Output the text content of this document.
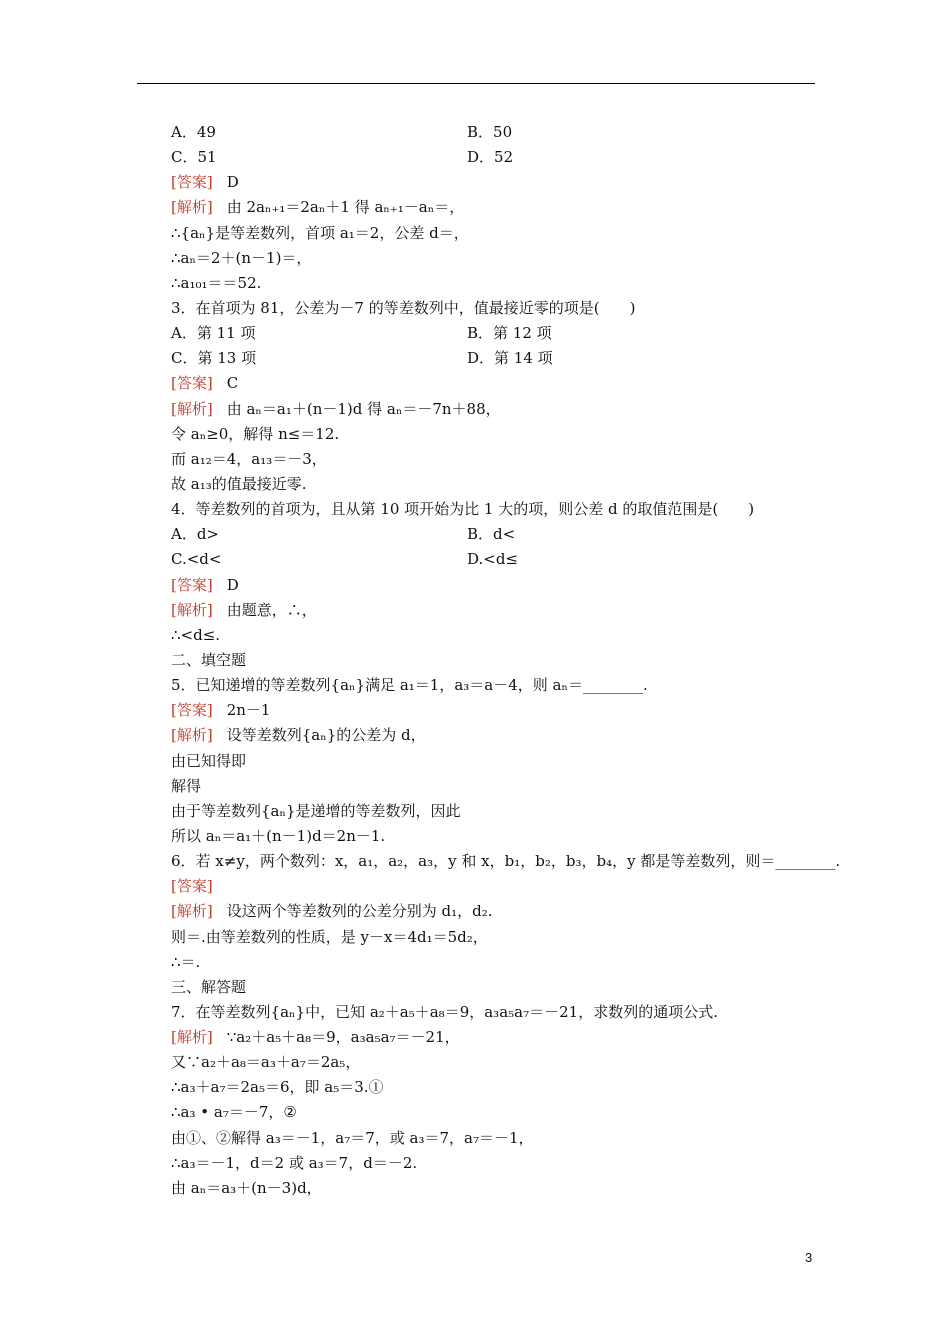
A．49	B．50
C．51	D．52
[答案] D
[解析] 由 2aₙ₊₁＝2aₙ＋1 得 aₙ₊₁－aₙ＝，
∴{aₙ}是等差数列，首项 a₁＝2，公差 d＝，
∴aₙ＝2＋(n－1)＝，
∴a₁₀₁＝＝52.
3．在首项为 81，公差为－7 的等差数列中，值最接近零的项是(　　)
A．第 11 项	B．第 12 项
C．第 13 项	D．第 14 项
[答案] C
[解析] 由 aₙ＝a₁＋(n－1)d 得 aₙ＝－7n＋88，
令 aₙ≥0，解得 n≤＝12.
而 a₁₂＝4，a₁₃＝－3，
故 a₁₃的值最接近零.
4．等差数列的首项为，且从第 10 项开始为比 1 大的项，则公差 d 的取值范围是(　　)
A．d>	B．d<
C.<d<	D.<d≤
[答案] D
[解析] 由题意，∴，
∴<d≤.
二、填空题
5．已知递增的等差数列{aₙ}满足 a₁＝1，a₃＝a－4，则 aₙ＝________.
[答案] 2n－1
[解析] 设等差数列{aₙ}的公差为 d，
由已知得即
解得
由于等差数列{aₙ}是递增的等差数列，因此
所以 aₙ＝a₁＋(n－1)d＝2n－1.
6．若 x≠y，两个数列：x，a₁，a₂，a₃，y 和 x，b₁，b₂，b₃，b₄，y 都是等差数列，则＝________.
[答案]
[解析] 设这两个等差数列的公差分别为 d₁，d₂.
则＝.由等差数列的性质，是 y－x＝4d₁＝5d₂，
∴＝.
三、解答题
7．在等差数列{aₙ}中，已知 a₂＋a₅＋a₈＝9，a₃a₅a₇＝－21，求数列的通项公式.
[解析] ∵a₂＋a₅＋a₈＝9，a₃a₅a₇＝－21，
又∵a₂＋a₈＝a₃＋a₇＝2a₅，
∴a₃＋a₇＝2a₅＝6，即 a₅＝3.①
∴a₃ • a₇＝－7，②
由①、②解得 a₃＝－1，a₇＝7，或 a₃＝7，a₇＝－1，
∴a₃＝－1，d＝2 或 a₃＝7，d＝－2.
由 aₙ＝a₃＋(n－3)d，
3
